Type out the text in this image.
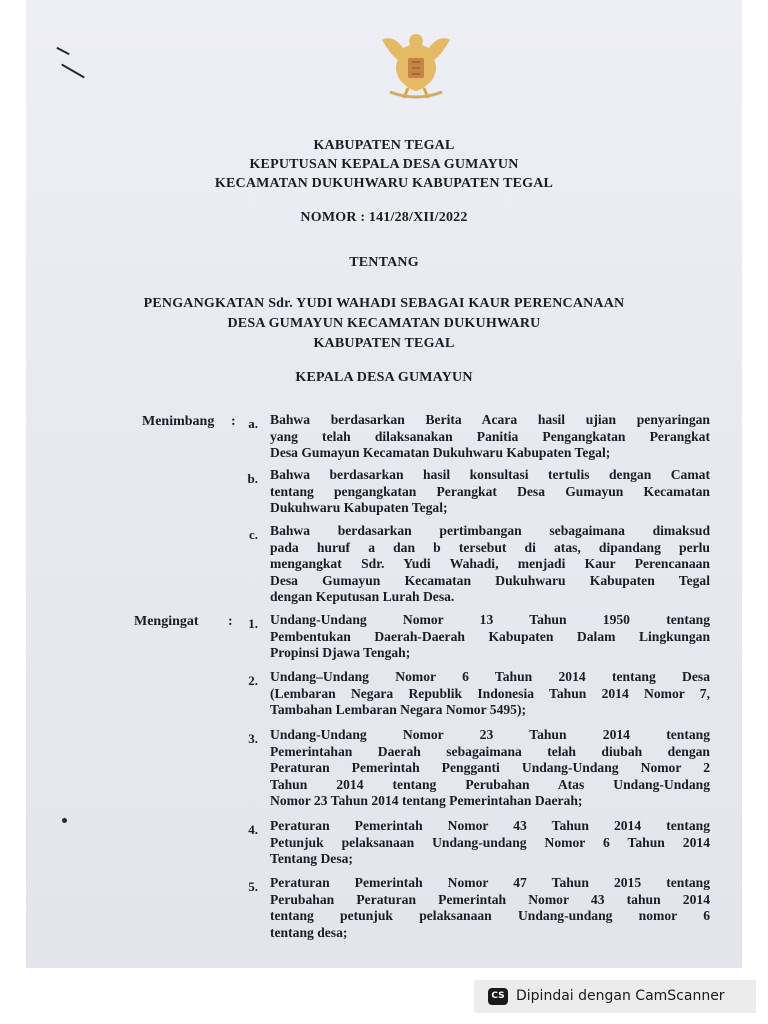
KABUPATEN TEGAL
KEPUTUSAN KEPALA DESA GUMAYUN
KECAMATAN DUKUHWARU KABUPATEN TEGAL
NOMOR : 141/28/XII/2022
TENTANG
PENGANGKATAN Sdr. YUDI WAHADI SEBAGAI KAUR PERENCANAAN
DESA GUMAYUN KECAMATAN DUKUHWARU
KABUPATEN TEGAL
KEPALA DESA GUMAYUN
Menimbang : a. Bahwa berdasarkan Berita Acara hasil ujian penyaringan
yang telah dilaksanakan Panitia Pengangkatan Perangkat
Desa Gumayun Kecamatan Dukuhwaru Kabupaten Tegal;
b. Bahwa berdasarkan hasil konsultasi tertulis dengan Camat
tentang pengangkatan Perangkat Desa Gumayun Kecamatan
Dukuhwaru Kabupaten Tegal;
c. Bahwa berdasarkan pertimbangan sebagaimana dimaksud
pada huruf a dan b tersebut di atas, dipandang perlu
mengangkat Sdr. Yudi Wahadi, menjadi Kaur Perencanaan
Desa Gumayun Kecamatan Dukuhwaru Kabupaten Tegal
dengan Keputusan Lurah Desa.
Mengingat :	1. Undang-Undang Nomor 13 Tahun 1950 tentang
Pembentukan Daerah-Daerah Kabupaten Dalam Lingkungan
Propinsi Djawa Tengah;
2. Undang–Undang Nomor 6 Tahun 2014 tentang Desa
(Lembaran Negara Republik Indonesia Tahun 2014 Nomor 7,
Tambahan Lembaran Negara Nomor 5495);
3. Undang-Undang Nomor 23 Tahun 2014 tentang
Pemerintahan Daerah sebagaimana telah diubah dengan
Peraturan Pemerintah Pengganti Undang-Undang Nomor 2
Tahun 2014 tentang Perubahan Atas Undang-Undang
Nomor 23 Tahun 2014 tentang Pemerintahan Daerah;
4. Peraturan Pemerintah Nomor 43 Tahun 2014 tentang
Petunjuk pelaksanaan Undang-undang Nomor 6 Tahun 2014
Tentang Desa;
5. Peraturan Pemerintah Nomor 47 Tahun 2015 tentang
Perubahan Peraturan Pemerintah Nomor 43 tahun 2014
tentang petunjuk pelaksanaan Undang-undang nomor 6
tentang desa;
CS Dipindai dengan CamScanner
